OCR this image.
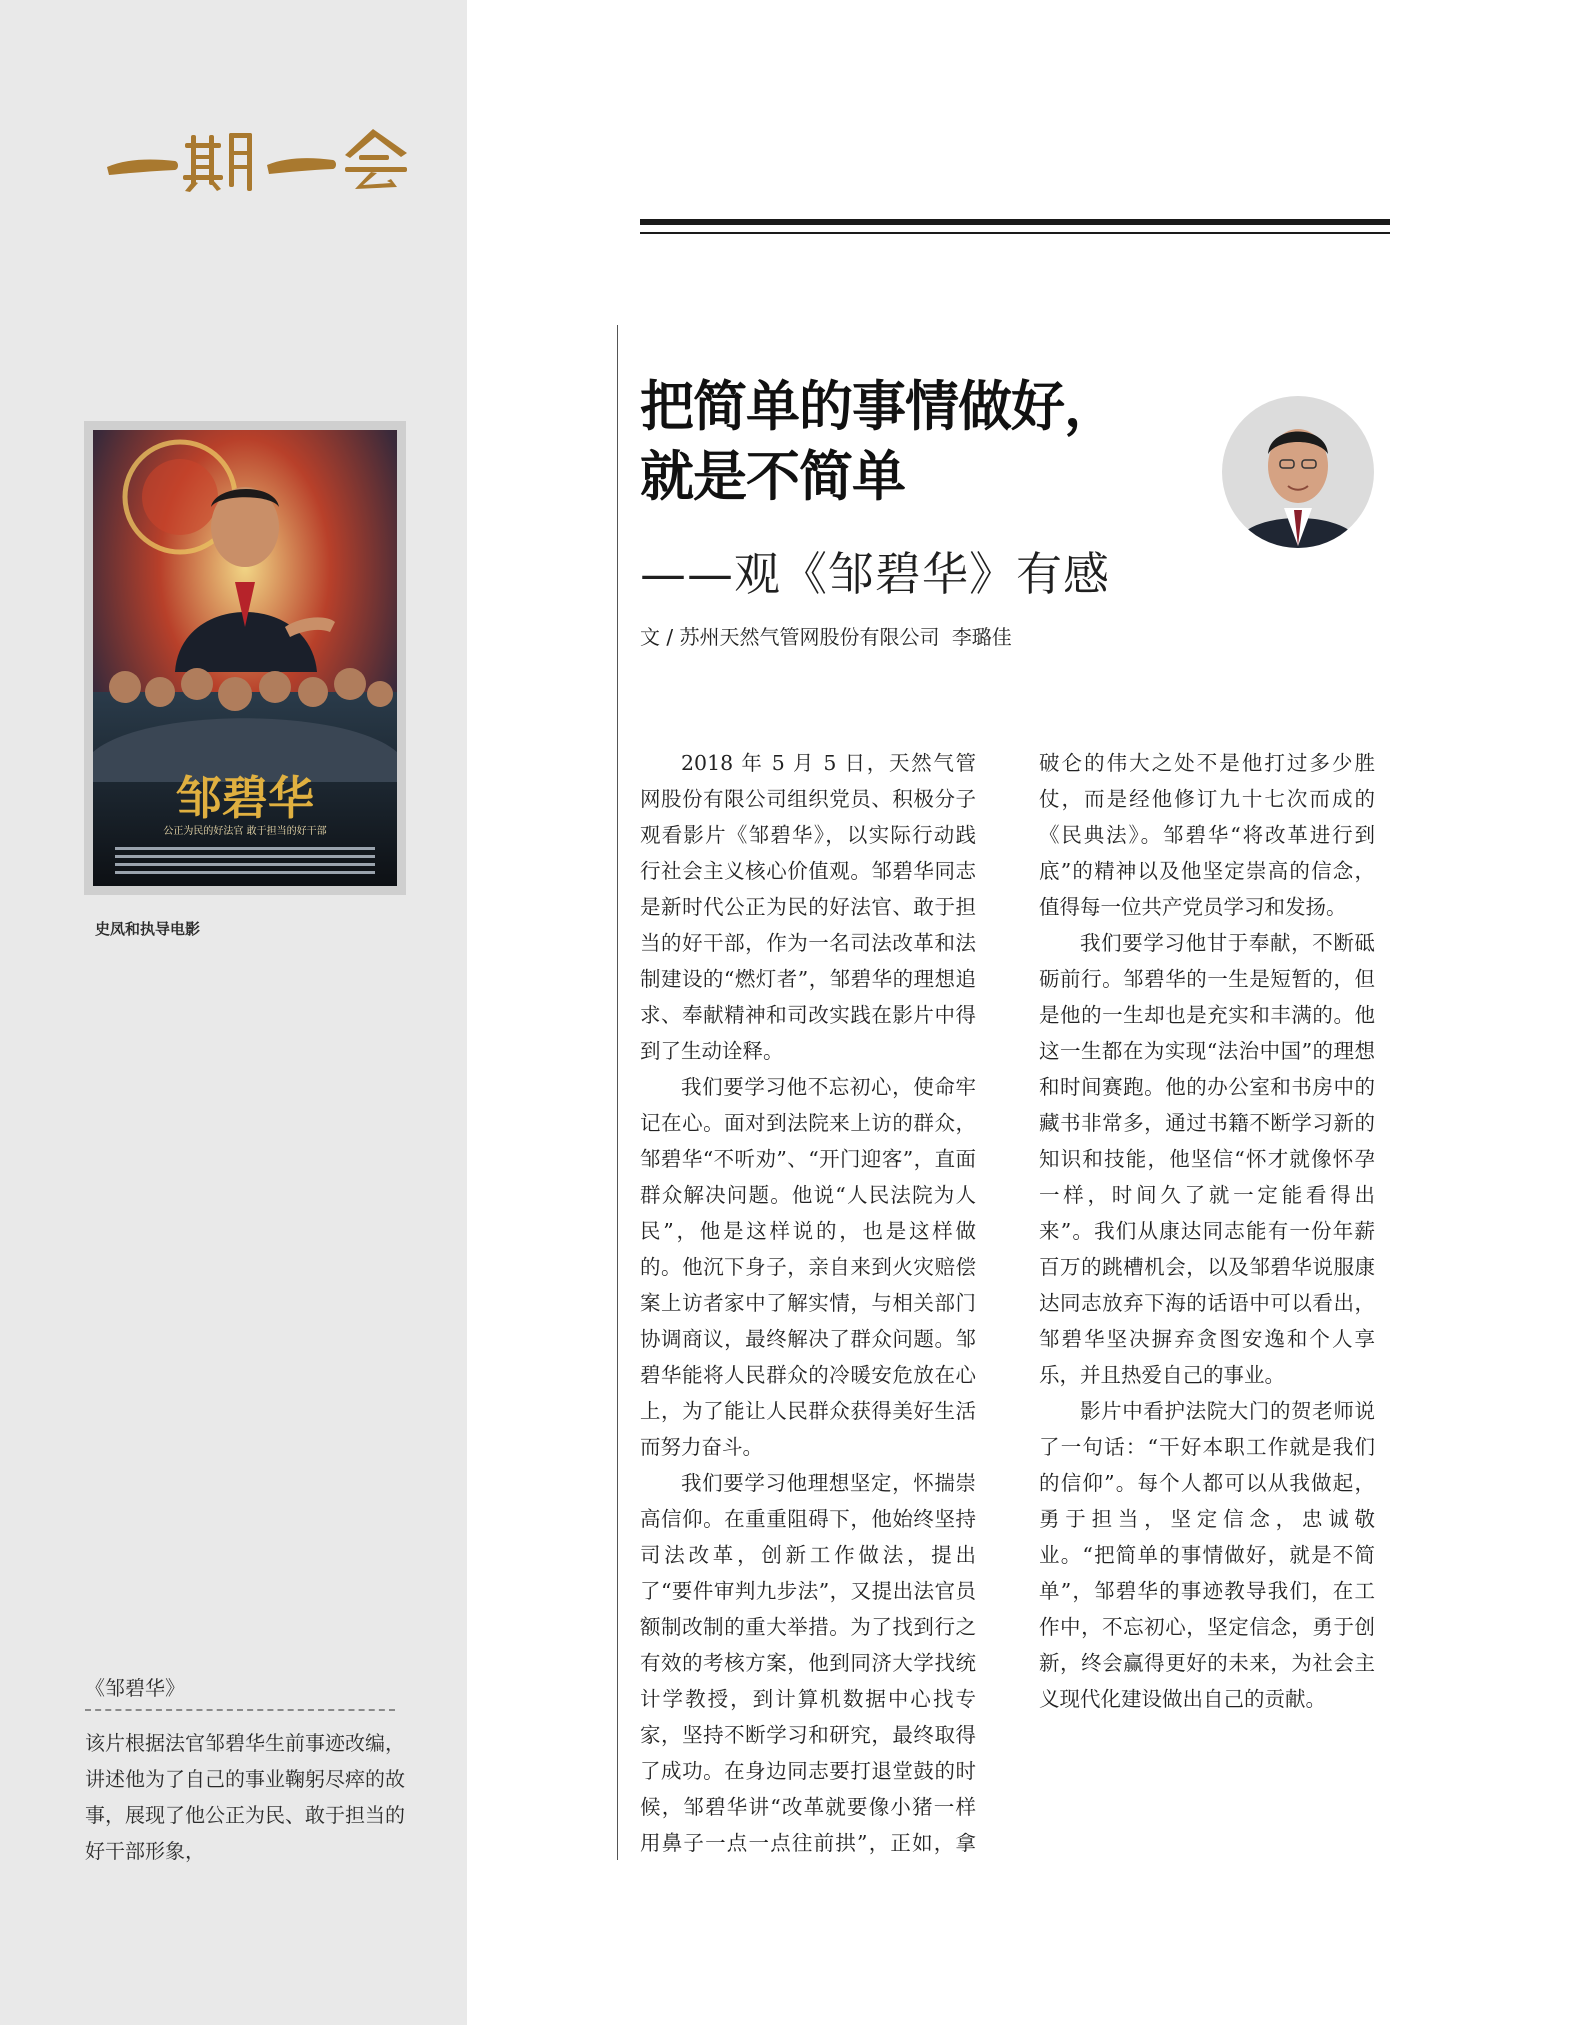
邹碧华
公正为民的好法官 敢于担当的好干部
史凤和执导电影
《邹碧华》
该片根据法官邹碧华生前事迹改编，讲述他为了自己的事业鞠躬尽瘁的故事，展现了他公正为民、敢于担当的好干部形象，
把简单的事情做好，
就是不简单
——观《邹碧华》有感
文 / 苏州天然气管网股份有限公司 李璐佳

2018 年 5 月 5 日，天然气管网股份有限公司组织党员、积极分子观看影片《邹碧华》，以实际行动践行社会主义核心价值观。邹碧华同志是新时代公正为民的好法官、敢于担当的好干部，作为一名司法改革和法制建设的“燃灯者”，邹碧华的理想追求、奉献精神和司改实践在影片中得到了生动诠释。

我们要学习他不忘初心，使命牢记在心。面对到法院来上访的群众，邹碧华“不听劝”、“开门迎客”，直面群众解决问题。他说“人民法院为人民”，他是这样说的，也是这样做的。他沉下身子，亲自来到火灾赔偿案上访者家中了解实情，与相关部门协调商议，最终解决了群众问题。邹碧华能将人民群众的冷暖安危放在心上，为了能让人民群众获得美好生活而努力奋斗。

我们要学习他理想坚定，怀揣崇高信仰。在重重阻碍下，他始终坚持司法改革，创新工作做法，提出了“要件审判九步法”，又提出法官员额制改制的重大举措。为了找到行之有效的考核方案，他到同济大学找统计学教授，到计算机数据中心找专家，坚持不断学习和研究，最终取得了成功。在身边同志要打退堂鼓的时候，邹碧华讲“改革就要像小猪一样用鼻子一点一点往前拱”，正如，拿破仑的伟大之处不是他打过多少胜仗，而是经他修订九十七次而成的《民典法》。邹碧华“将改革进行到底”的精神以及他坚定崇高的信念，值得每一位共产党员学习和发扬。

我们要学习他甘于奉献，不断砥砺前行。邹碧华的一生是短暂的，但是他的一生却也是充实和丰满的。他这一生都在为实现“法治中国”的理想和时间赛跑。他的办公室和书房中的藏书非常多，通过书籍不断学习新的知识和技能，他坚信“怀才就像怀孕一样，时间久了就一定能看得出来”。我们从康达同志能有一份年薪百万的跳槽机会，以及邹碧华说服康达同志放弃下海的话语中可以看出，邹碧华坚决摒弃贪图安逸和个人享乐，并且热爱自己的事业。

影片中看护法院大门的贺老师说了一句话：“干好本职工作就是我们的信仰”。每个人都可以从我做起，勇于担当，坚定信念，忠诚敬业。“把简单的事情做好，就是不简单”，邹碧华的事迹教导我们，在工作中，不忘初心，坚定信念，勇于创新，终会赢得更好的未来，为社会主义现代化建设做出自己的贡献。
